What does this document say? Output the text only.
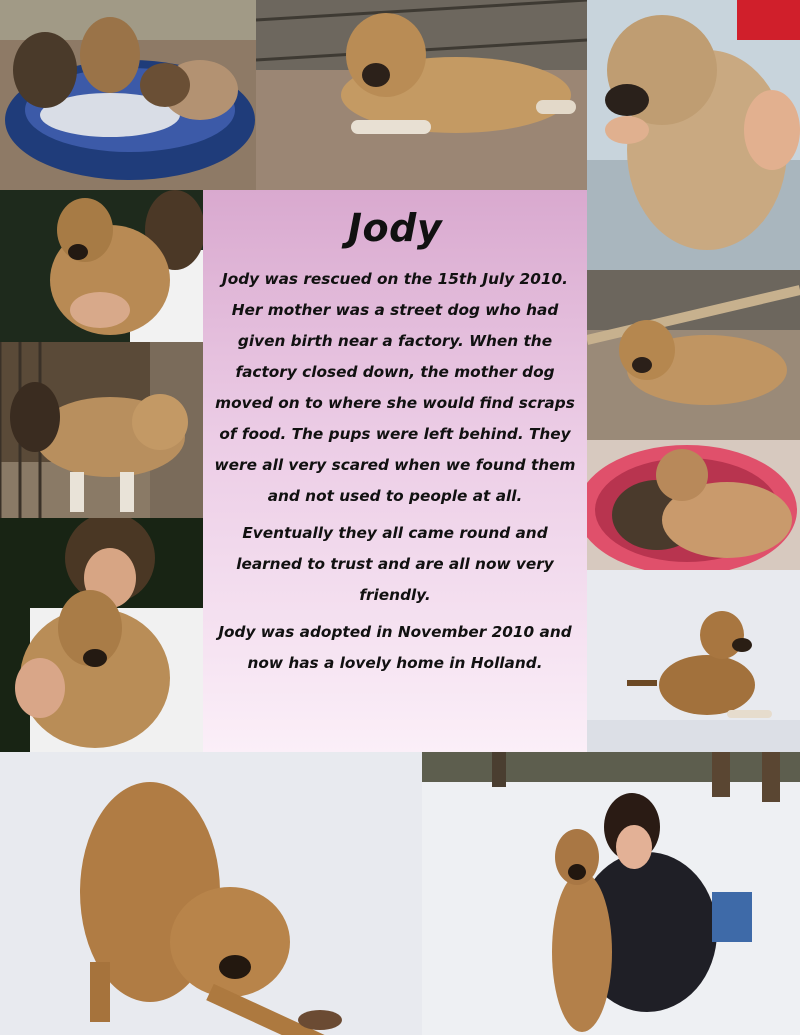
Jody

Jody was rescued on the 15th July 2010. Her mother was a street dog who had given birth near a factory. When the factory closed down, the mother dog moved on to where she would find scraps of food. The pups were left behind. They were all very scared when we found them and not used to people at all.

Eventually they all came round and learned to trust and are all now very friendly.

Jody was adopted in November 2010 and now has a lovely home in Holland.
